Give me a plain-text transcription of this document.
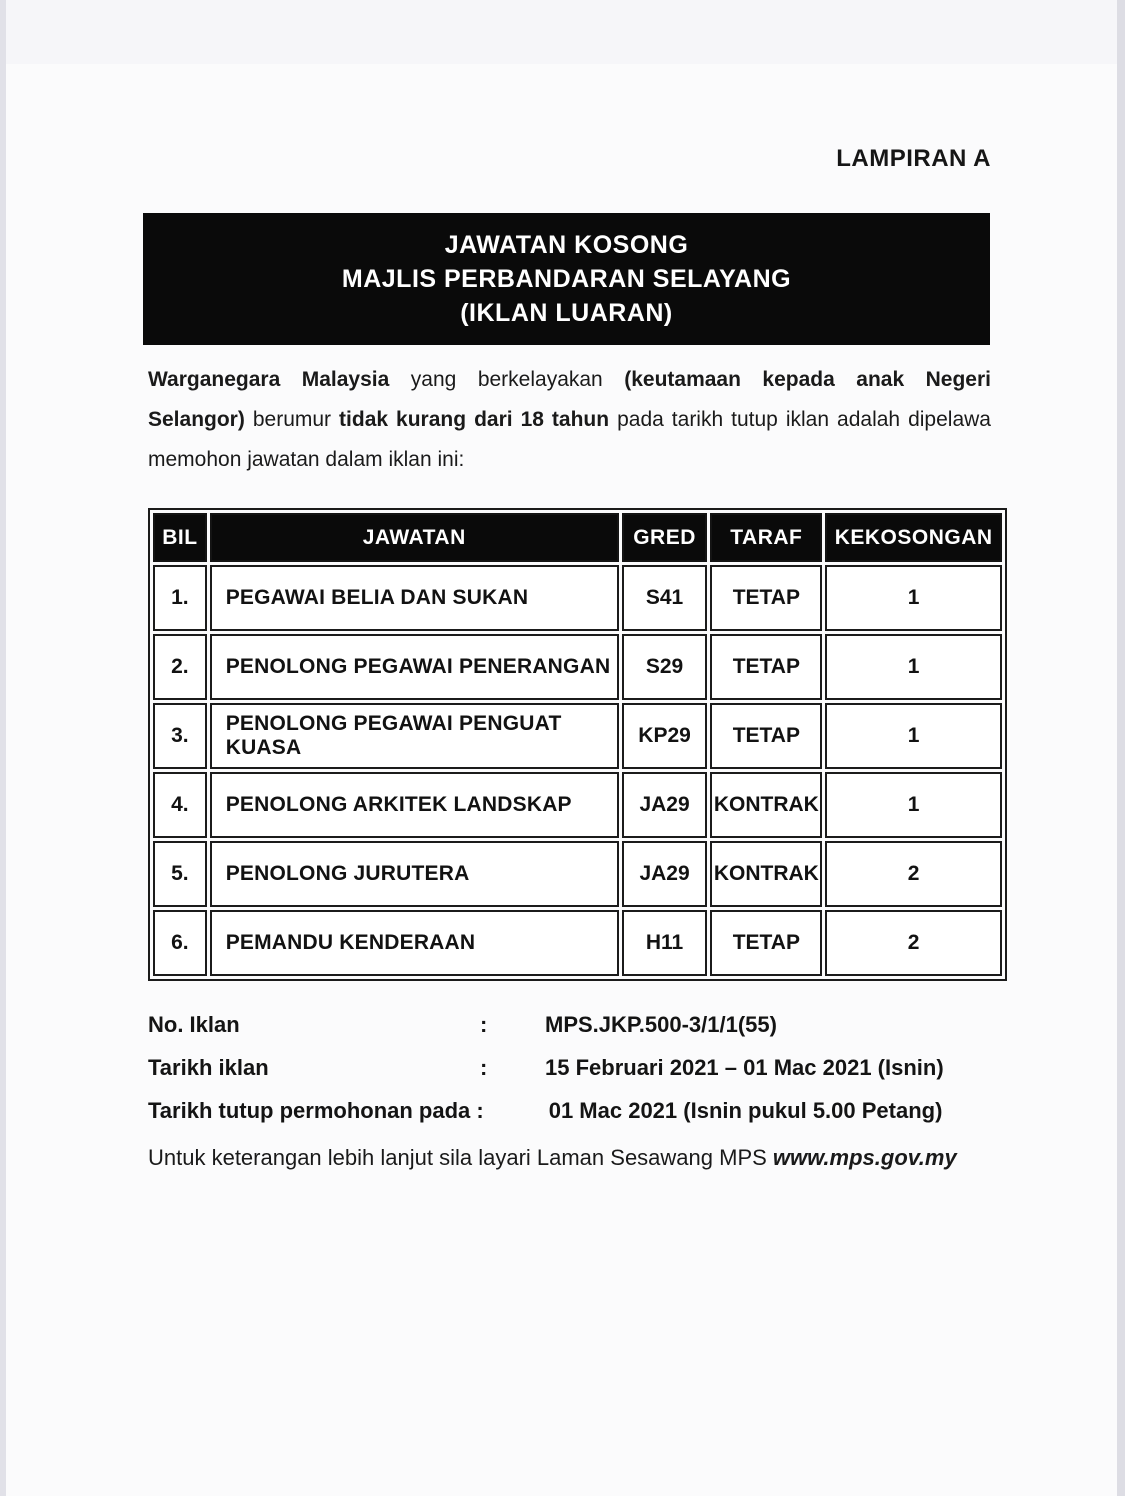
LAMPIRAN A
JAWATAN KOSONG
MAJLIS PERBANDARAN SELAYANG
(IKLAN LUARAN)
Warganegara Malaysia yang berkelayakan (keutamaan kepada anak Negeri
Selangor) berumur tidak kurang dari 18 tahun pada tarikh tutup iklan adalah dipelawa
memohon jawatan dalam iklan ini:
BIL	JAWATAN	GRED	TARAF	KEKOSONGAN
1.	PEGAWAI BELIA DAN SUKAN	S41	TETAP	1
2.	PENOLONG PEGAWAI PENERANGAN	S29	TETAP	1
3.	PENOLONG PEGAWAI PENGUAT KUASA	KP29	TETAP	1
4.	PENOLONG ARKITEK LANDSKAP	JA29	KONTRAK	1
5.	PENOLONG JURUTERA	JA29	KONTRAK	2
6.	PEMANDU KENDERAAN	H11	TETAP	2
No. Iklan	:	MPS.JKP.500-3/1/1(55)
Tarikh iklan	:	15 Februari 2021 – 01 Mac 2021 (Isnin)
Tarikh tutup permohonan pada :	01 Mac 2021 (Isnin pukul 5.00 Petang)
Untuk keterangan lebih lanjut sila layari Laman Sesawang MPS www.mps.gov.my
